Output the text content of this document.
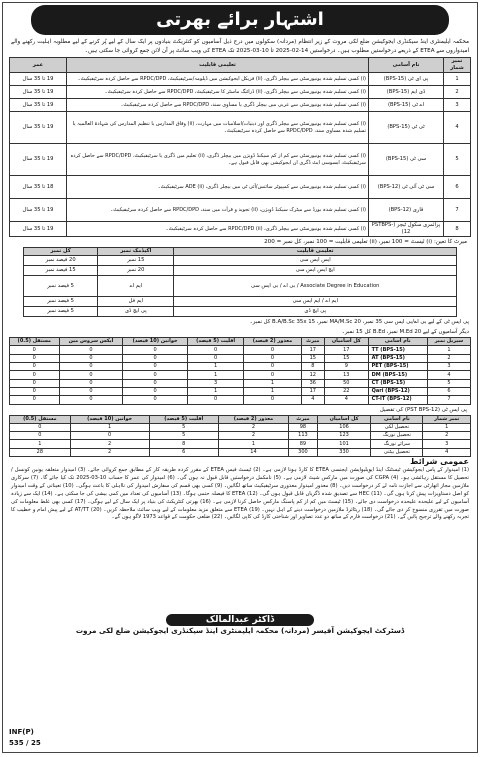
اشتہار برائے بھرتی
محکمہ ایلیمنٹری اینڈ سیکنڈری ایجوکیشن ضلع لکی مروت کے زیر انتظام (مردانہ) سکولوں میں درج ذیل آسامیوں کو کنٹریکٹ بنیادوں پر ایک سال کے لیے پُر کرنے کے لیے مطلوبہ اہلیت رکھنے والے امیدواروں سے ETEA کے ذریعے درخواستیں مطلوب ہیں۔ درخواستیں 14-02-2025 تا 10-03-2025 تک ETEA کی ویب سائٹ پر آن لائن جمع کروائی جا سکتی ہیں۔
نمبر شمار	نام آسامی	تعلیمی قابلیت	عمر
1	پی ای ٹی (BPS-15)	(i) کسی تسلیم شدہ یونیورسٹی سے بیچلر ڈگری، (ii) فزیکل ایجوکیشن میں ڈپلومہ/سرٹیفیکیٹ، RPDC/DPD سے حاصل کردہ سرٹیفیکیٹ۔	19 تا 35 سال
2	ڈی ایم (BPS-15)	(i) کسی تسلیم شدہ یونیورسٹی سے بیچلر ڈگری، (ii) ڈرائنگ ماسٹر کا سرٹیفیکیٹ، RPDC/DPD سے حاصل کردہ سرٹیفیکیٹ۔	19 تا 35 سال
3	اے ٹی (BPS-15)	(i) کسی تسلیم شدہ یونیورسٹی سے عربی میں بیچلر ڈگری یا مساوی سند، RPDC/DPD سے حاصل کردہ سرٹیفیکیٹ۔	19 تا 35 سال
4	ٹی ٹی (BPS-15)	(i) کسی تسلیم شدہ یونیورسٹی سے بیچلر ڈگری اور دینیات/اسلامیات میں مہارت، (ii) وفاق المدارس یا تنظیم المدارس کی شہادۃ العالمیہ یا تسلیم شدہ مساوی سند، RPDC/DPD سے حاصل کردہ سرٹیفیکیٹ۔	19 تا 35 سال
5	سی ٹی (BPS-15)	(i) کسی تسلیم شدہ یونیورسٹی سے کم از کم سیکنڈ ڈویژن میں بیچلر ڈگری، (ii) تعلیم میں ڈگری یا سرٹیفیکیٹ، RPDC/DPD سے حاصل کردہ سرٹیفیکیٹ، ایسوسی ایٹ ڈگری ان ایجوکیشن بھی قابل قبول ہے۔	19 تا 35 سال
6	سی ٹی آئی ٹی (BPS-12)	(i) کسی تسلیم شدہ یونیورسٹی سے کمپیوٹر سائنس/آئی ٹی میں بیچلر ڈگری، ADE (ii) سرٹیفیکیٹ۔	18 تا 35 سال
7	قاری (BPS-12)	(i) کسی تسلیم شدہ بورڈ سے میٹرک سیکنڈ ڈویژن، (ii) تجوید و قرأت میں سند، RPDC/DPD سے حاصل کردہ سرٹیفیکیٹ۔	19 تا 35 سال
8	پرائمری سکول ٹیچر (PSTBPS-12)	(i) کسی تسلیم شدہ یونیورسٹی سے بیچلر ڈگری، (ii) RPDC/DPD سے حاصل کردہ سرٹیفیکیٹ۔	19 تا 35 سال
میرٹ کا تعین: (i) ٹیسٹ = 100 نمبر، (ii) تعلیمی قابلیت = 100 نمبر، کل نمبر = 200
تعلیمی قابلیت	اکیڈمک نمبر	کل نمبر
ایس ایس سی	15 نمبر	20 فیصد نمبر
ایچ ایس ایس سی	20 نمبر	15 فیصد نمبر
Associate Degree in Education / بی اے / بی ایس سی	ایم اے	5 فیصد نمبر
ایم اے / ایم ایس سی	ایم فل	5 فیصد نمبر
پی ایچ ڈی	پی ایچ ڈی	5 فیصد نمبر
پی ایس ٹی کے لیے بی اے/بی ایس سی 35 نمبر، MA/M.Sc 20 نمبر، B.A/B.Sc 35x 15 کل نمبر۔
دیگر آسامیوں کے لیے M.Ed 20 نمبر، B.Ed کل 15 نمبر۔
سیریل نمبر	نام آسامی	کل آسامیاں	میرٹ	معذور (2 فیصد)	اقلیت (5 فیصد)	خواتین (10 فیصد)	ایکس سروس مین	مستقل (0.5)
1	TT (BPS-15)	17	17	0	0	0	0	0
2	AT (BPS-15)	15	15	0	0	0	0	0
3	PET (BPS-15)	9	8	0	1	0	0	0
4	DM (BPS-15)	13	12	0	1	0	0	0
5	CT (BPS-15)	50	36	1	3	0	0	0
6	Qari (BPS-12)	22	17	1	1	0	0	0
7	CT-IT (BPS-12)	4	4	0	0	0	0	0
پی ایس ٹی (PST BPS-12) کی تفصیل
نمبر شمار	نام آسامی	کل آسامیاں	میرٹ	معذور (2 فیصد)	اقلیت (5 فیصد)	خواتین (10 فیصد)	مستقل (0.5)
1	تحصیل لکی	106	98	2	5	1	0
2	تحصیل نورنگ	123	113	2	5	0	0
3	سرائے نورنگ	101	89	1	8	2	1
4	تحصیل بیٹنی	330	300	14	6	2	28
عمومی شرائط
(1) امیدوار کے پاس ایجوکیشن ٹیسٹنگ اینڈ ایویلیوایشن ایجنسی ETEA کا کارڈ ہونا لازمی ہے۔ (2) ٹیسٹ فیس ETEA کے مقرر کردہ طریقہ کار کے مطابق جمع کروائی جائے۔ (3) امیدوار متعلقہ یونین کونسل / تحصیل کا مستقل رہائشی ہو۔ (4) CGPA کی صورت میں مارکس شیٹ لازمی ہے۔ (5) نامکمل درخواستیں قابل قبول نہ ہوں گی۔ (6) امیدوار کی عمر کا حساب 10-03-2025 تک کیا جائے گا۔ (7) سرکاری ملازمین مجاز اتھارٹی سے اجازت نامہ لے کر درخواست دیں۔ (8) معذور امیدوار معذوری سرٹیفیکیٹ ساتھ لگائیں۔ (9) کسی بھی قسم کی سفارش امیدوار کی نااہلی کا باعث ہوگی۔ (10) تعیناتی کے وقت امیدوار کو اصل دستاویزات پیش کرنا ہوں گی۔ (11) HEC سے تصدیق شدہ ڈگریاں قابل قبول ہوں گی۔ (12) ETEA کا فیصلہ حتمی ہوگا۔ (13) آسامیوں کی تعداد میں کمی بیشی کی جا سکتی ہے۔ (14) ایک سے زیادہ آسامیوں کے لیے علیحدہ علیحدہ درخواست دی جائے۔ (15) ٹیسٹ میں کم از کم پاسنگ مارکس حاصل کرنا لازمی ہے۔ (16) بھرتی کنٹریکٹ کی بنیاد پر ایک سال کے لیے ہوگی۔ (17) کسی بھی غلط معلومات کی صورت میں تقرری منسوخ کر دی جائے گی۔ (18) ریٹائرڈ ملازمین درخواست دینے کے اہل نہیں۔ (19) ETEA سے متعلق مزید معلومات کے لیے ویب سائٹ ملاحظہ کریں۔ (20) AT/TT کے لیے پیش امام و خطیب کا تجربہ رکھنے والے ترجیح پائیں گے۔ (21) درخواست فارم کے ساتھ دو عدد تصاویر اور شناختی کارڈ کی کاپی لگائیں۔ (22) ضلعی حکومت کے قواعد 1973 لاگو ہوں گے۔
ڈاکٹر عبدالمالک
ڈسٹرکٹ ایجوکیشن آفیسر (مردانہ) محکمہ ایلیمنٹری اینڈ سیکنڈری ایجوکیشن ضلع لکی مروت
INF(P)
535 / 25
